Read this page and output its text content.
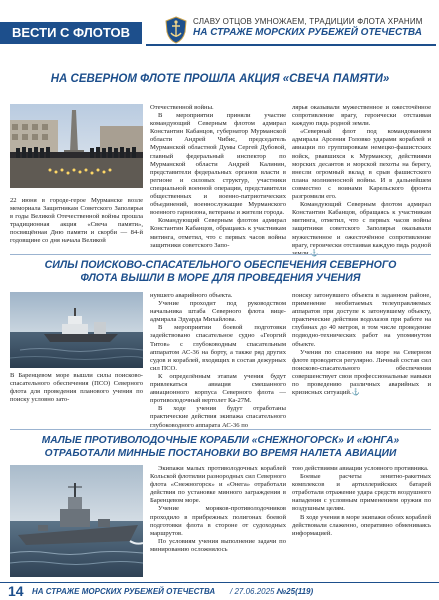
ВЕСТИ С ФЛОТОВ
СЛАВУ ОТЦОВ УМНОЖАЕМ, ТРАДИЦИИ ФЛОТА ХРАНИМ
НА СТРАЖЕ МОРСКИХ РУБЕЖЕЙ ОТЕЧЕСТВА
НА СЕВЕРНОМ ФЛОТЕ ПРОШЛА АКЦИЯ «СВЕЧА ПАМЯТИ»
22 июня в городе-герое Мурманске возле мемориала Защитникам Советского Заполярья в годы Великой Отечественной войны прошла традиционная акция «Свеча памяти», посвящённая Дню памяти и скорби — 84-й годовщине со дня начала Великой

Отечественной войны.

В мероприятии приняли участие командующий Северным флотом адмирал Константин Кабанцов, губернатор Мурманской области Андрей Чибис, председатель Мурманской областной Думы Сергей Дубовой, главный федеральный инспектор по Мурманской области Андрей Калинин, представители федеральных органов власти в регионе и силовых структур, участники специальной военной операции, представители общественных и военно-патриотических объединений, военнослужащие Мурманского военного гарнизона, ветераны и жители города.

Командующий Северным флотом адмирал Константин Кабанцов, обращаясь к участникам митинга, отметил, что с первых часов войны защитники советского Запо-

лярья оказывали мужественное и ожесточённое сопротивление врагу, героически отстаивая каждую пядь родной земли.

«Северный флот под командованием адмирала Арсения Головко ударами кораблей и авиации по группировкам немецко-фашистских войск, рвавшихся к Мурманску, действиями морских десантов и морской пехоты на берегу, внесли огромный вклад в срыв фашистского плана молниеносной войны. И в дальнейшем совместно с воинами Карельского фронта разгромили его.

Командующий Северным флотом адмирал Константин Кабанцов, обращаясь к участникам митинга, отметил, что с первых часов войны защитники советского Заполярья оказывали мужественное и ожесточённое сопротивление врагу, героически отстаивая каждую пядь родной

СИЛЫ ПОИСКОВО-СПАСАТЕЛЬНОГО ОБЕСПЕЧЕНИЯ СЕВЕРНОГО
ФЛОТА ВЫШЛИ В МОРЕ ДЛЯ ПРОВЕДЕНИЯ УЧЕНИЯ
В Баренцевом море вышли силы поисково-спасательного обеспечения (ПСО) Северного флота для проведения планового учения по поиску условно зато-

нувшего аварийного объекта.

Учение проходит под руководством начальника штаба Северного флота вице-адмирала Эдуарда Михайлова.

В мероприятии боевой подготовки задействовано спасательное судно «Георгий Титов» с глубоководным спасательным аппаратом АС-36 на борту, а также ряд других судов и кораблей, входящих в состав дежурных сил ПСО.

К определённым этапам учения будут привлекаться авиация смешанного авиационного корпуса Северного флота — противолодочный вертолет Ка-27М.

В ходе учения будут отработаны практические действия экипажа спасательного глубоководного аппарата АС-36 по

поиску затонувшего объекта в заданном районе, применение необитаемых телеуправляемых аппаратов при доступе к затонувшему объекту, практические действия водолазов при работе на глубинах до 40 метров, в том числе проведение подводно-технических работ на упомянутом объекте.

Учения по спасению на море на Северном флоте проводятся регулярно. Личный состав сил поисково-спасательного обеспечения совершенствует свои профессиональные навыки по проведению различных аварийных и кризисных ситуаций.⚓

МАЛЫЕ ПРОТИВОЛОДОЧНЫЕ КОРАБЛИ «СНЕЖНОГОРСК» И «ЮНГА»
ОТРАБОТАЛИ МИННЫЕ ПОСТАНОВКИ ВО ВРЕМЯ НАЛЕТА АВИАЦИИ

Экипажи малых противолодочных кораблей Кольской флотилии разнородных сил Северного флота «Снежногорск» и «Онега» отработали действия по установке минного заграждения в Баренцевом море.

Учение моряков-противолодочников проходило в прибрежных полигонах боевой подготовки флота в стороне от судоходных маршрутов.

По условиям учения выполнение задачи по минированию осложнялось

тою действиями авиации условного противника.

Боевые расчеты зенитно-ракетных комплексов и артиллерийских батарей отработали отражение удара средств воздушного нападения с условным применением оружия по воздушным целям.

В ходе учения в море экипажи обоих кораблей действовали слаженно, оперативно обмениваясь информацией.

14 НА СТРАЖЕ МОРСКИХ РУБЕЖЕЙ ОТЕЧЕСТВА / 27.06.2025 /
№25(119)
